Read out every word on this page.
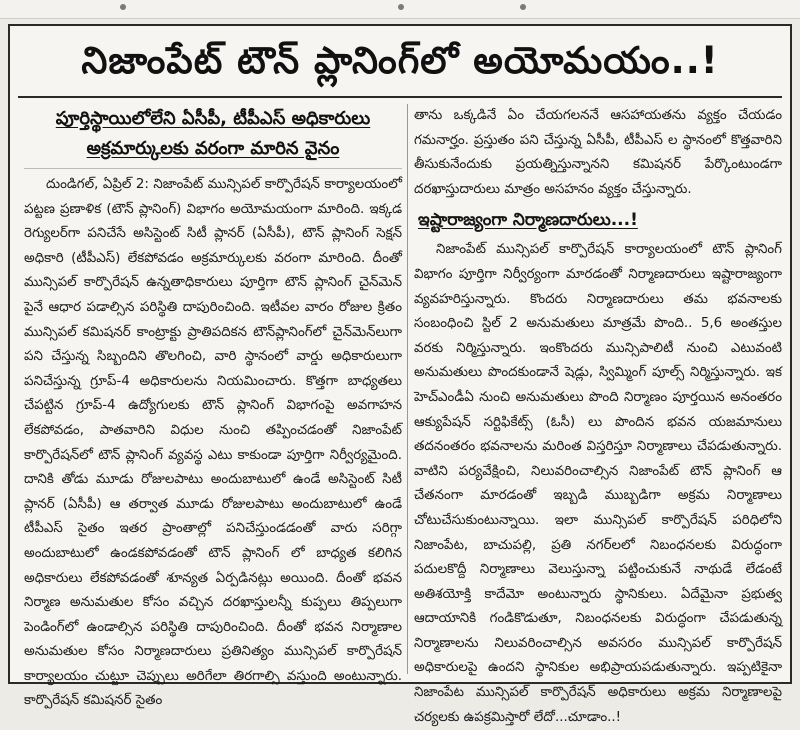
నిజాంపేట్ టౌన్ ప్లానింగ్‌లో అయోమయం..!
పూర్తిస్థాయిలోలేని ఏసీపీ, టీపీఎస్ అధికారులు
అక్రమార్కులకు వరంగా మారిన వైనం

దుండిగల్, ఏప్రిల్ 2: నిజాంపేట్ మున్సిపల్ కార్పొరేషన్ కార్యాలయంలో పట్టణ ప్రణాళిక (టౌన్ ప్లానింగ్) విభాగం అయోమయంగా మారింది. ఇక్కడ రెగ్యులర్‌గా పనిచేసే అసిస్టెంట్ సిటీ ప్లానర్ (ఏసీపీ), టౌన్ ప్లానింగ్ సెక్షన్ అధికారి (టీపీఎస్) లేకపోవడం అక్రమార్కులకు వరంగా మారింది. దీంతో మున్సిపల్ కార్పొరేషన్ ఉన్నతాధికారులు పూర్తిగా టౌన్ ప్లానింగ్ చైన్‌మెన్‌ పైనే ఆధార పడాల్సిన పరిస్థితి దాపురించింది. ఇటీవల వారం రోజుల క్రితం మున్సిపల్ కమిషనర్ కాంట్రాక్టు ప్రాతిపదికన టౌన్‌ప్లానింగ్‌లో చైన్‌మెన్‌లుగా పని చేస్తున్న సిబ్బందిని తొలగించి, వారి స్థానంలో వార్డు అధికారులుగా పనిచేస్తున్న గ్రూప్-4 అధికారులను నియమించారు. కొత్తగా బాధ్యతలు చేపట్టిన గ్రూప్-4 ఉద్యోగులకు టౌన్ ప్లానింగ్ విభాగంపై అవగాహన లేకపోవడం, పాతవారిని విధుల నుంచి తప్పించడంతో నిజాంపేట్ కార్పొరేషన్‌లో టౌన్ ప్లానింగ్ వ్యవస్థ ఎటు కాకుండా పూర్తిగా నిర్వీర్యమైంది. దానికి తోడు మూడు రోజులపాటు అందుబాటులో ఉండే అసిస్టెంట్ సిటీ ప్లానర్ (ఏసీపీ) ఆ తర్వాత మూడు రోజులపాటు అందుబాటులో ఉండే టీపీఎస్ సైతం ఇతర ప్రాంతాల్లో పనిచేస్తుండడంతో వారు సరిగ్గా అందుబాటులో ఉండకపోవడంతో టౌన్ ప్లానింగ్ లో బాధ్యత కలిగిన అధికారులు లేకపోవడంతో శూన్యత ఏర్పడినట్లు అయింది. దీంతో భవన నిర్మాణ అనుమతుల కోసం వచ్చిన దరఖాస్తులన్నీ కుప్పలు తిప్పలుగా పెండింగ్‌లో ఉండాల్సిన పరిస్థితి దాపురించింది. దీంతో భవన నిర్మాణాల అనుమతుల కోసం నిర్మాణదారులు ప్రతినిత్యం మున్సిపల్ కార్పొరేషన్ కార్యాలయం చుట్టూ చెప్పులు అరిగేలా తిరగాల్సి వస్తుంది అంటున్నారు. కార్పొరేషన్ కమిషనర్ సైతం

తాను ఒక్కడినే ఏం చేయగలననే ఆసహాయతను వ్యక్తం చేయడం గమనార్హం. ప్రస్తుతం పని చేస్తున్న ఏసీపీ, టీపీఎస్ ల స్థానంలో కొత్తవారిని తీసుకునేందుకు ప్రయత్నిస్తున్నానని కమిషనర్ పేర్కొంటుండగా దరఖాస్తుదారులు మాత్రం అసహనం వ్యక్తం చేస్తున్నారు.

ఇష్టారాజ్యంగా నిర్మాణదారులు...!

నిజాంపేట్ మున్సిపల్ కార్పొరేషన్ కార్యాలయంలో టౌన్ ప్లానింగ్ విభాగం పూర్తిగా నిర్వీర్యంగా మారడంతో నిర్మాణదారులు ఇష్టారాజ్యంగా వ్యవహరిస్తున్నారు. కొందరు నిర్మాణదారులు తమ భవనాలకు సంబంధించి స్టిల్ 2 అనుమతులు మాత్రమే పొంది.. 5,6 అంతస్తుల వరకు నిర్మిస్తున్నారు. ఇంకొందరు మున్సిపాలిటీ నుంచి ఎటువంటి అనుమతులు పొందకుండానే షెడ్లు, స్విమ్మింగ్ పూల్స్ నిర్మిస్తున్నారు. ఇక హెచ్ఎండీఏ నుంచి అనుమతులు పొంది నిర్మాణం పూర్తయిన అనంతరం ఆక్యుపేషన్ సర్టిఫికేట్స్ (ఓసీ) లు పొందిన భవన యజమానులు తదనంతరం భవనాలను మరింత విస్తరిస్తూ నిర్మాణాలు చేపడుతున్నారు. వాటిని పర్యవేక్షించి, నిలువరించాల్సిన నిజాంపేట్ టౌన్ ప్లానింగ్ ఆ చేతనంగా మారడంతో ఇబ్బడి ముబ్బడిగా అక్రమ నిర్మాణాలు చోటుచేసుకుంటున్నాయి. ఇలా మున్సిపల్ కార్పొరేషన్ పరిధిలోని నిజాంపేట, బాచుపల్లి, ప్రతి నగర్‌లలో నిబంధనలకు విరుద్ధంగా పదులకొద్దీ నిర్మాణాలు వెలుస్తున్నా పట్టించుకునే నాథుడే లేడంటే అతిశయోక్తి కాదేమో అంటున్నారు స్థానికులు. ఏదేమైనా ప్రభుత్వ ఆదాయానికి గండికొడుతూ, నిబంధనలకు విరుద్ధంగా చేపడుతున్న నిర్మాణాలను నిలువరించాల్సిన అవసరం మున్సిపల్ కార్పొరేషన్ అధికారులపై ఉందని స్థానికుల అభిప్రాయపడుతున్నారు. ఇప్పటికైనా నిజాంపేట మున్సిపల్ కార్పొరేషన్ అధికారులు అక్రమ నిర్మాణాలపై చర్యలకు ఉపక్రమిస్తారో లేదో...చూడాం..!
